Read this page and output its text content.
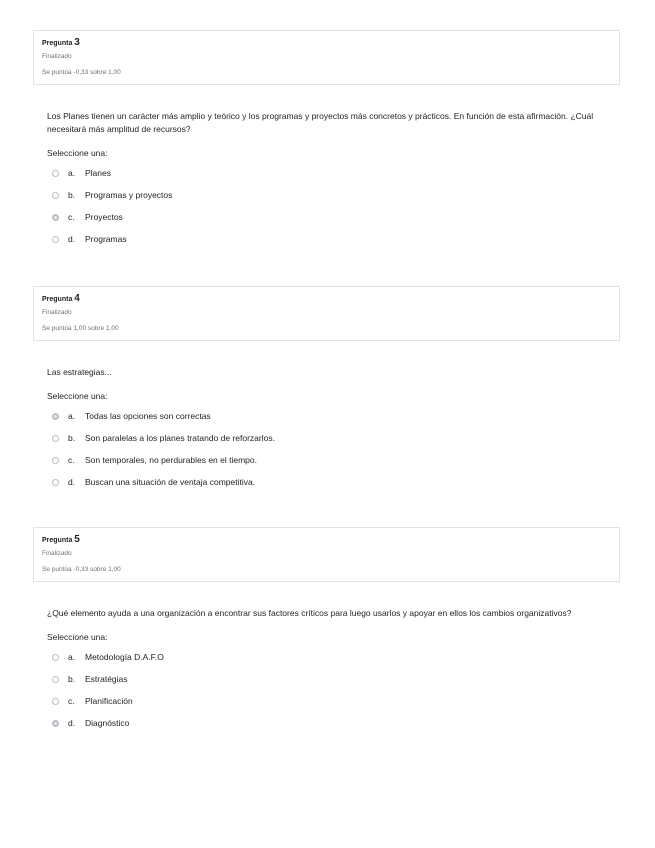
Pregunta 3
Finalizado
Se puntúa -0,33 sobre 1,00
Los Planes tienen un carácter más amplio y teórico y los programas y proyectos más concretos y prácticos. En función de esta afirmación. ¿Cuál necesitará más amplitud de recursos?
Seleccione una:
a.	Planes
b.	Programas y proyectos
c.	Proyectos
d.	Programas
Pregunta 4
Finalizado
Se puntúa 1,00 sobre 1,00
Las estrategias...
Seleccione una:
a.	Todas las opciones son correctas
b.	Son paralelas a los planes tratando de reforzarlos.
c.	Son temporales, no perdurables en el tiempo.
d.	Buscan una situación de ventaja competitiva.
Pregunta 5
Finalizado
Se puntúa -0,33 sobre 1,00
¿Qué elemento ayuda a una organización a encontrar sus factores críticos para luego usarlos y apoyar en ellos los cambios organizativos?
Seleccione una:
a.	Metodología D.A.F.O
b.	Estratégias
c.	Planificación
d.	Diagnóstico
